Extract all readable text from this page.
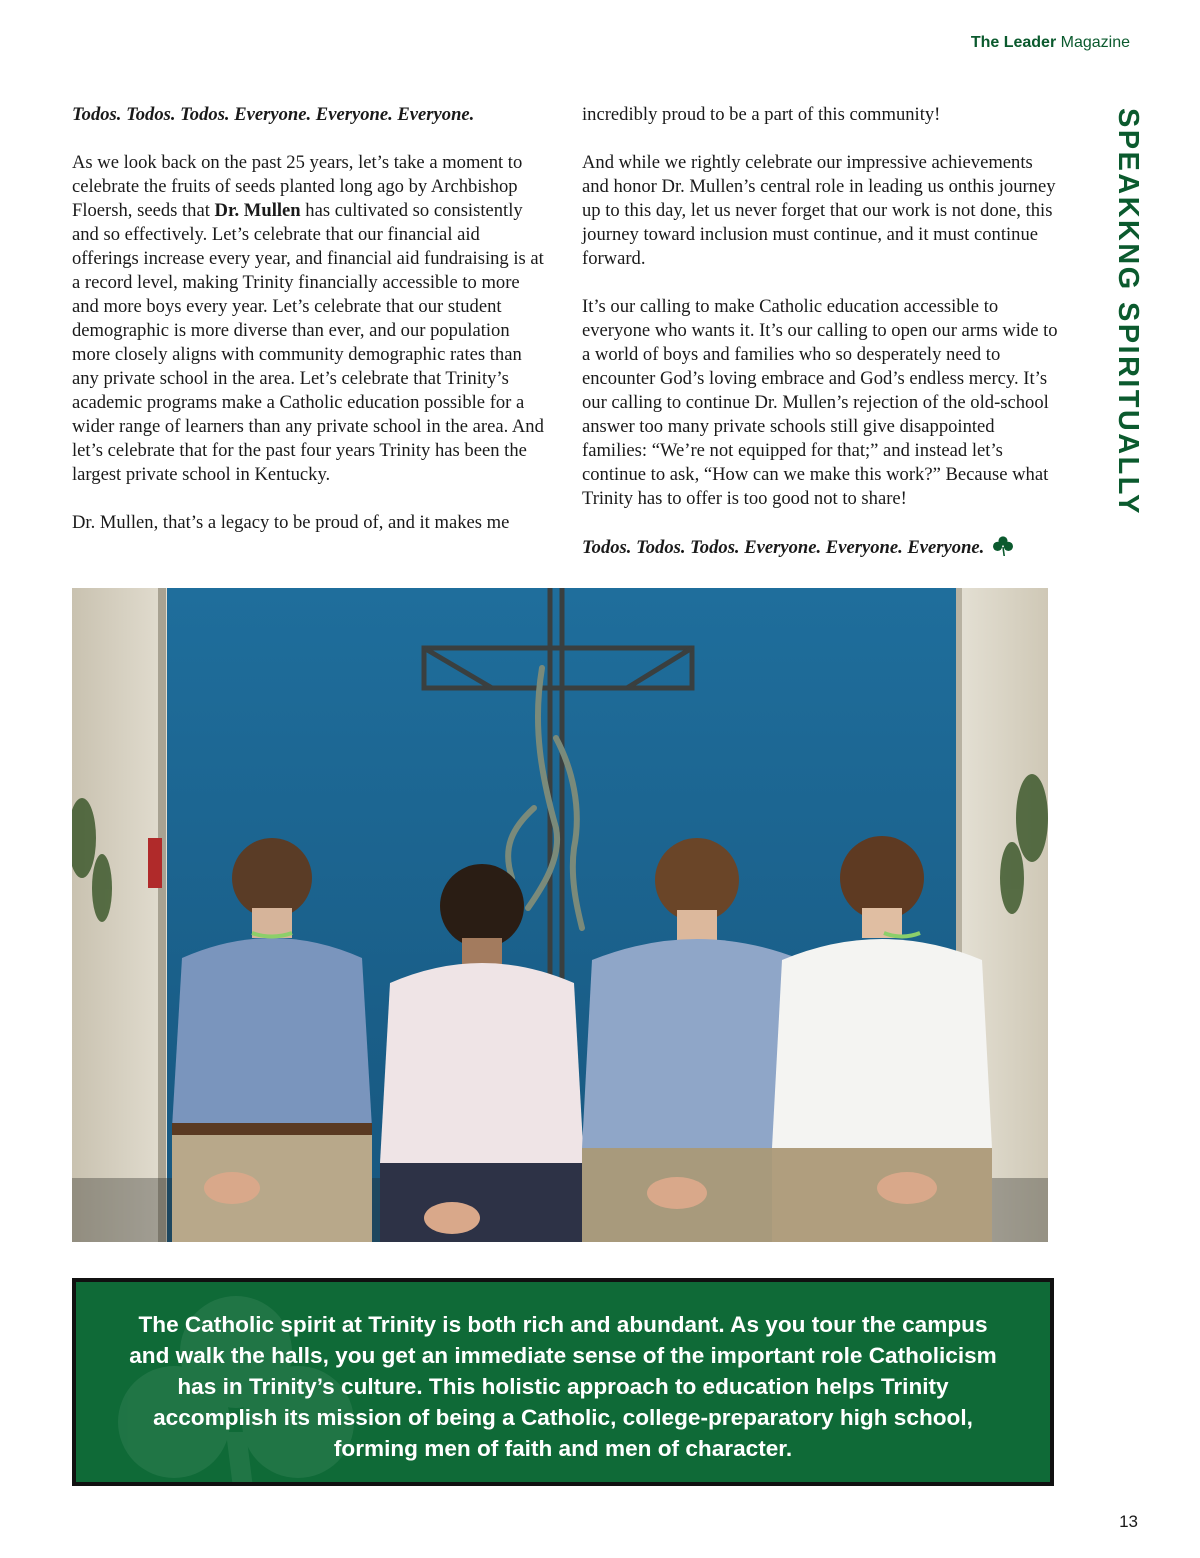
The Leader Magazine
SPEAKKNG SPIRITUALLY

Todos. Todos. Todos. Everyone. Everyone. Everyone.

As we look back on the past 25 years, let’s take a moment to celebrate the fruits of seeds planted long ago by Archbishop Floersh, seeds that Dr. Mullen has cultivated so consistently and so effectively. Let’s celebrate that our financial aid offerings increase every year, and financial aid fundraising is at a record level, making Trinity financially accessible to more and more boys every year. Let’s celebrate that our student demographic is more diverse than ever, and our population more closely aligns with community demographic rates than any private school in the area. Let’s celebrate that Trinity’s academic programs make a Catholic education possible for a wider range of learners than any private school in the area. And let’s celebrate that for the past four years Trinity has been the largest private school in Kentucky.

Dr. Mullen, that’s a legacy to be proud of, and it makes me

incredibly proud to be a part of this community!

And while we rightly celebrate our impressive achievements and honor Dr. Mullen’s central role in leading us onthis journey up to this day, let us never forget that our work is not done, this journey toward inclusion must continue, and it must continue forward.

It’s our calling to make Catholic education accessible to everyone who wants it. It’s our calling to open our arms wide to a world of boys and families who so desperately need to encounter God’s loving embrace and God’s endless mercy. It’s our calling to continue Dr. Mullen’s rejection of the old-school answer too many private schools still give disappointed families: “We’re not equipped for that;” and instead let’s continue to ask, “How can we make this work?” Because what Trinity has to offer is too good not to share!

Todos. Todos. Todos. Everyone. Everyone. Everyone.

The Catholic spirit at Trinity is both rich and abundant. As you tour the campus and walk the halls, you get an immediate sense of the important role Catholicism has in Trinity’s culture. This holistic approach to education helps Trinity accomplish its mission of being a Catholic, college-preparatory high school, forming men of faith and men of character.
13
